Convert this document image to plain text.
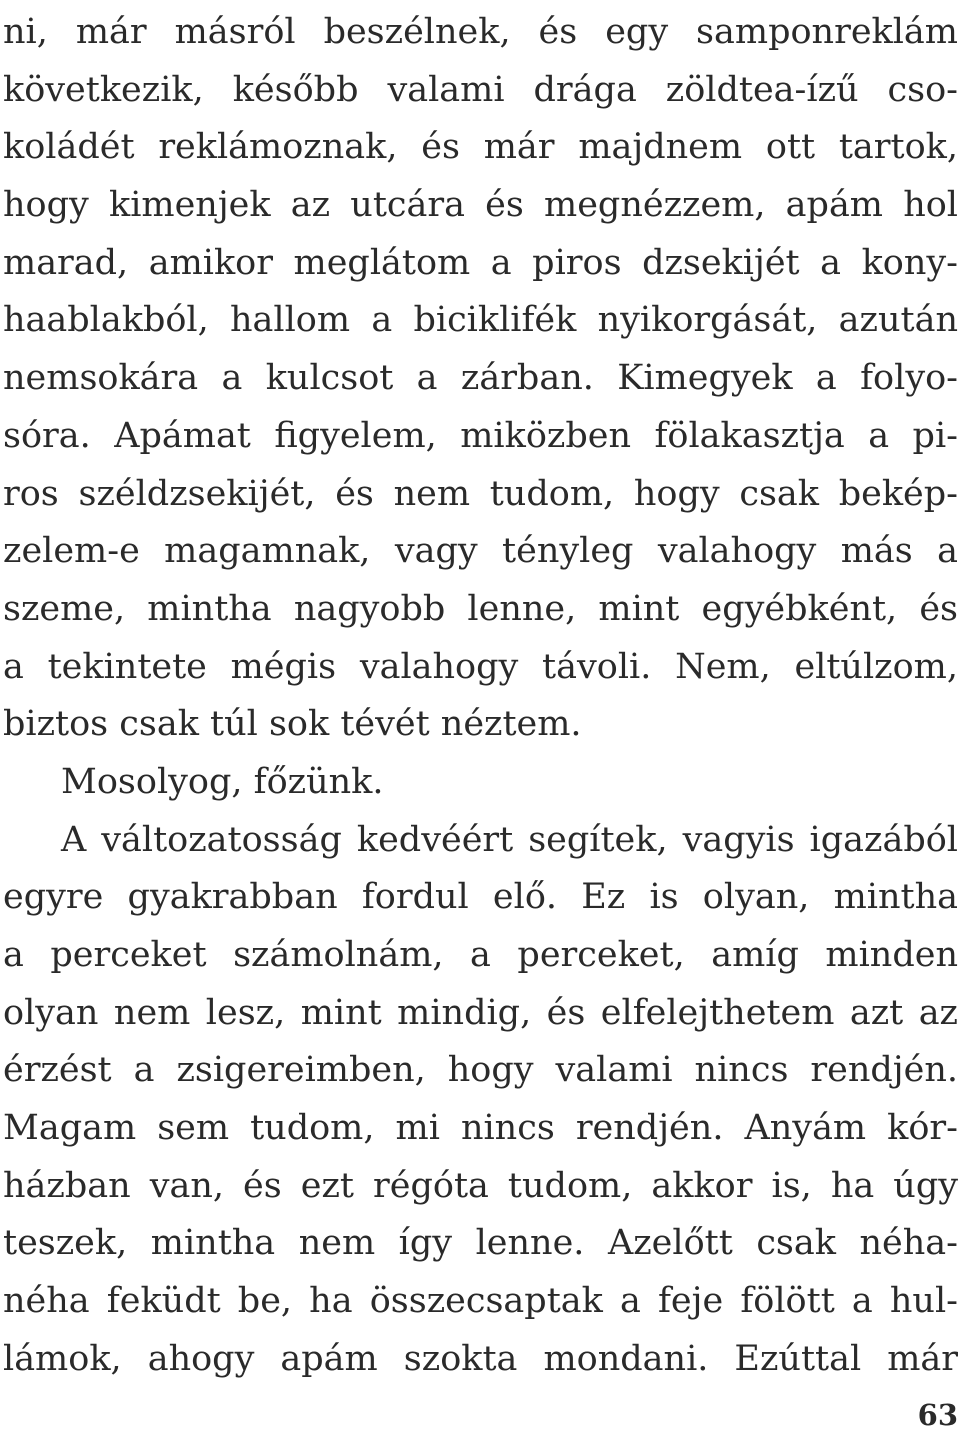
ni, már másról beszélnek, és egy samponreklám
következik, később valami drága zöldtea-ízű cso-
koládét reklámoznak, és már majdnem ott tartok,
hogy kimenjek az utcára és megnézzem, apám hol
marad, amikor meglátom a piros dzsekijét a kony-
haablakból, hallom a biciklifék nyikorgását, azután
nemsokára a kulcsot a zárban. Kimegyek a folyo-
sóra. Apámat figyelem, miközben fölakasztja a pi-
ros széldzsekijét, és nem tudom, hogy csak bekép-
zelem-e magamnak, vagy tényleg valahogy más a
szeme, mintha nagyobb lenne, mint egyébként, és
a tekintete mégis valahogy távoli. Nem, eltúlzom,
biztos csak túl sok tévét néztem.
Mosolyog, főzünk.
A változatosság kedvéért segítek, vagyis igazából
egyre gyakrabban fordul elő. Ez is olyan, mintha
a perceket számolnám, a perceket, amíg minden
olyan nem lesz, mint mindig, és elfelejthetem azt az
érzést a zsigereimben, hogy valami nincs rendjén.
Magam sem tudom, mi nincs rendjén. Anyám kór-
házban van, és ezt régóta tudom, akkor is, ha úgy
teszek, mintha nem így lenne. Azelőtt csak néha-
néha feküdt be, ha összecsaptak a feje fölött a hul-
lámok, ahogy apám szokta mondani. Ezúttal már
63
